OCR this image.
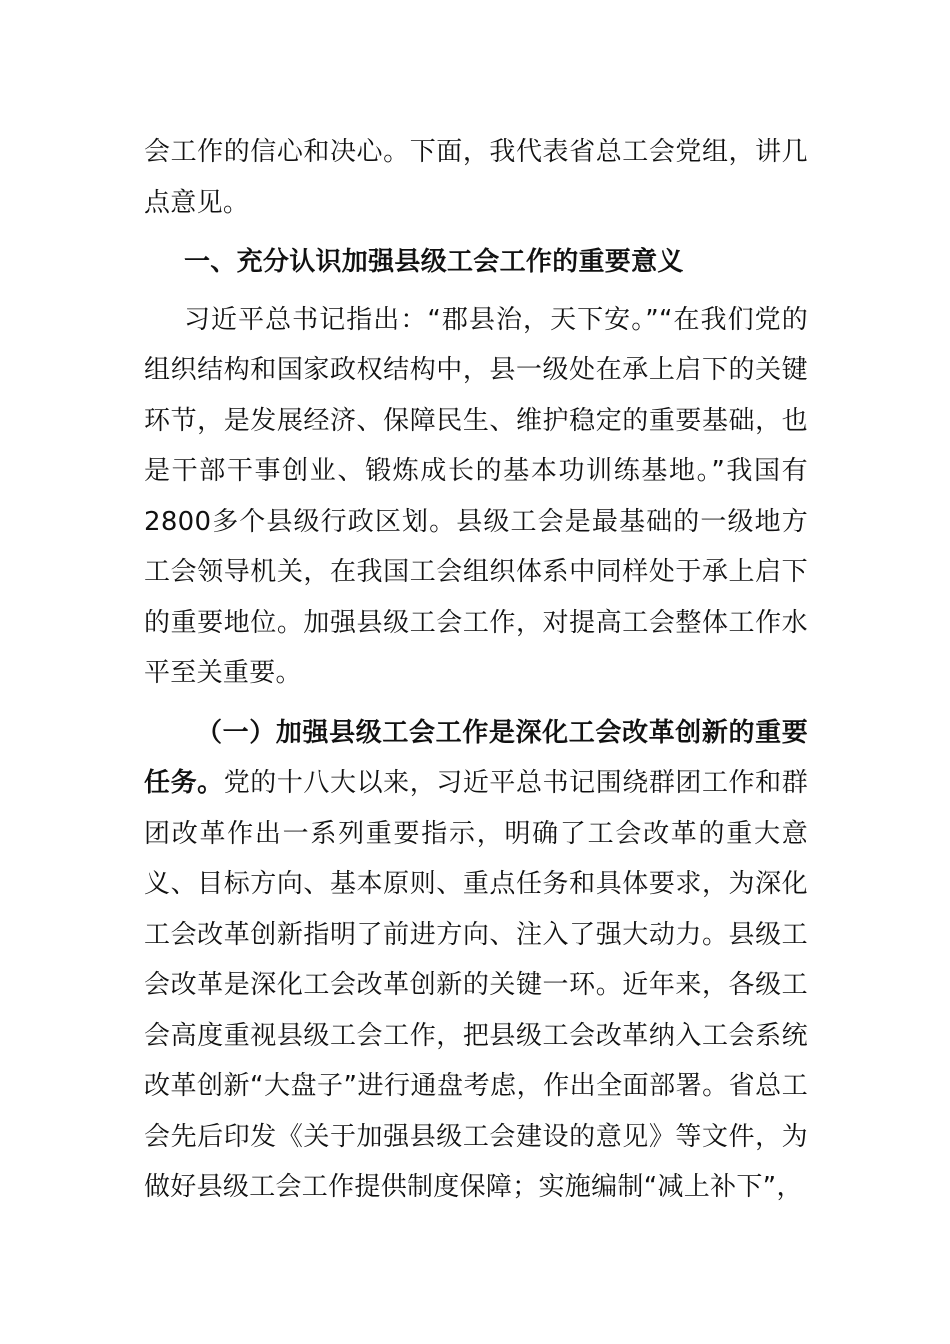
会工作的信心和决心。下面，我代表省总工会党组，讲几点意见。

一、充分认识加强县级工会工作的重要意义

习近平总书记指出：“郡县治，天下安。”“在我们党的组织结构和国家政权结构中，县一级处在承上启下的关键环节，是发展经济、保障民生、维护稳定的重要基础，也是干部干事创业、锻炼成长的基本功训练基地。”我国有2800多个县级行政区划。县级工会是最基础的一级地方工会领导机关，在我国工会组织体系中同样处于承上启下的重要地位。加强县级工会工作，对提高工会整体工作水平至关重要。

（一）加强县级工会工作是深化工会改革创新的重要任务。党的十八大以来，习近平总书记围绕群团工作和群团改革作出一系列重要指示，明确了工会改革的重大意义、目标方向、基本原则、重点任务和具体要求，为深化工会改革创新指明了前进方向、注入了强大动力。县级工会改革是深化工会改革创新的关键一环。近年来，各级工会高度重视县级工会工作，把县级工会改革纳入工会系统改革创新“大盘子”进行通盘考虑，作出全面部署。省总工会先后印发《关于加强县级工会建设的意见》等文件，为做好县级工会工作提供制度保障；实施编制“减上补下”，
